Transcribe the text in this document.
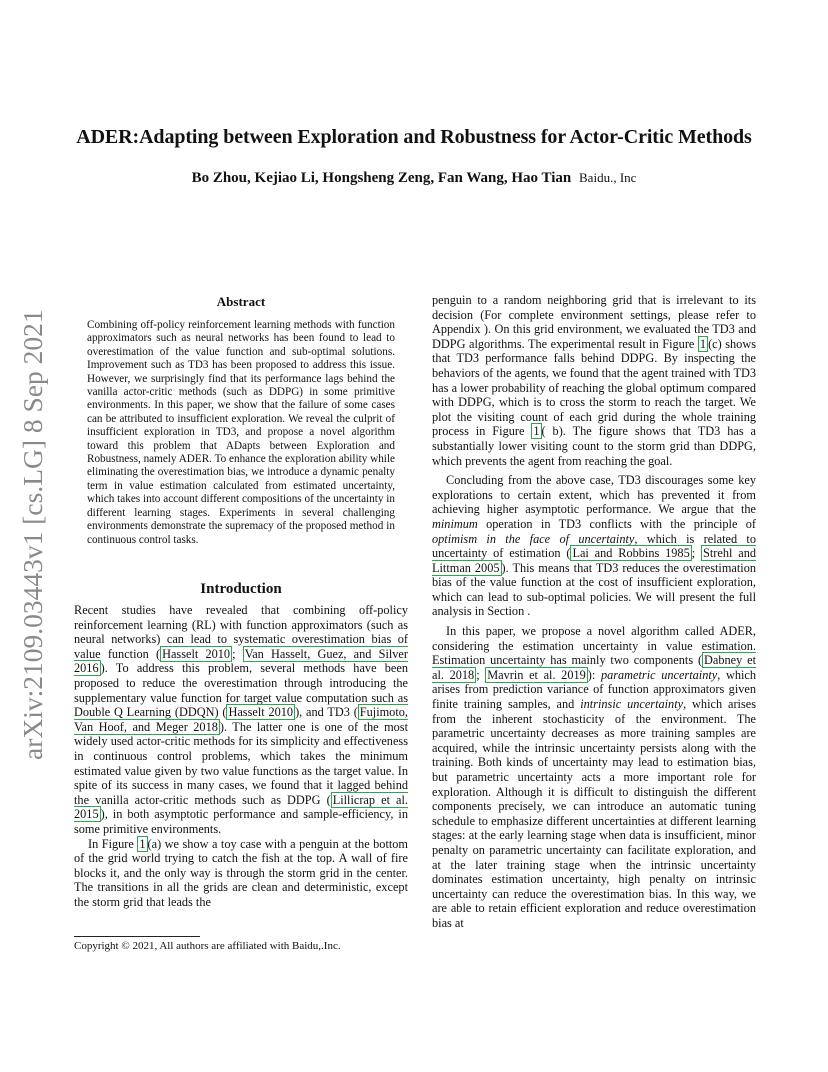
arXiv:2109.03443v1 [cs.LG] 8 Sep 2021
ADER:Adapting between Exploration and Robustness for Actor-Critic Methods
Bo Zhou, Kejiao Li, Hongsheng Zeng, Fan Wang, Hao Tian Baidu., Inc
Abstract
Combining off-policy reinforcement learning methods with function approximators such as neural networks has been found to lead to overestimation of the value function and sub-optimal solutions. Improvement such as TD3 has been proposed to address this issue. However, we surprisingly find that its performance lags behind the vanilla actor-critic methods (such as DDPG) in some primitive environments. In this paper, we show that the failure of some cases can be attributed to insufficient exploration. We reveal the culprit of insufficient exploration in TD3, and propose a novel algorithm toward this problem that ADapts between Exploration and Robustness, namely ADER. To enhance the exploration ability while eliminating the overestimation bias, we introduce a dynamic penalty term in value estimation calculated from estimated uncertainty, which takes into account different compositions of the uncertainty in different learning stages. Experiments in several challenging environments demonstrate the supremacy of the proposed method in continuous control tasks.
Introduction

Recent studies have revealed that combining off-policy reinforcement learning (RL) with function approximators (such as neural networks) can lead to systematic overestimation bias of value function ( Hasselt 2010 ; Van Hasselt, Guez, and Silver 2016 ). To address this problem, several methods have been proposed to reduce the overestimation through introducing the supplementary value function for target value computation such as Double Q Learning (DDQN) ( Hasselt 2010 ), and TD3 ( Fujimoto, Van Hoof, and Meger 2018 ). The latter one is one of the most widely used actor-critic methods for its simplicity and effectiveness in continuous control problems, which takes the minimum estimated value given by two value functions as the target value. In spite of its success in many cases, we found that it lagged behind the vanilla actor-critic methods such as DDPG ( Lillicrap et al. 2015 ), in both asymptotic performance and sample-efficiency, in some primitive environments.

In Figure 1 (a) we show a toy case with a penguin at the bottom of the grid world trying to catch the fish at the top. A wall of fire blocks it, and the only way is through the storm grid in the center. The transitions in all the grids are clean and deterministic, except the storm grid that leads the

penguin to a random neighboring grid that is irrelevant to its decision (For complete environment settings, please refer to Appendix ). On this grid environment, we evaluated the TD3 and DDPG algorithms. The experimental result in Figure 1 (c) shows that TD3 performance falls behind DDPG. By inspecting the behaviors of the agents, we found that the agent trained with TD3 has a lower probability of reaching the global optimum compared with DDPG, which is to cross the storm to reach the target. We plot the visiting count of each grid during the whole training process in Figure 1 ( b). The figure shows that TD3 has a substantially lower visiting count to the storm grid than DDPG, which prevents the agent from reaching the goal.

Concluding from the above case, TD3 discourages some key explorations to certain extent, which has prevented it from achieving higher asymptotic performance. We argue that the minimum operation in TD3 conflicts with the principle of optimism in the face of uncertainty, which is related to uncertainty of estimation ( Lai and Robbins 1985 ; Strehl and Littman 2005 ). This means that TD3 reduces the overestimation bias of the value function at the cost of insufficient exploration, which can lead to sub-optimal policies. We will present the full analysis in Section .

In this paper, we propose a novel algorithm called ADER, considering the estimation uncertainty in value estimation. Estimation uncertainty has mainly two components ( Dabney et al. 2018 ; Mavrin et al. 2019 ): parametric uncertainty, which arises from prediction variance of function approximators given finite training samples, and intrinsic uncertainty, which arises from the inherent stochasticity of the environment. The parametric uncertainty decreases as more training samples are acquired, while the intrinsic uncertainty persists along with the training. Both kinds of uncertainty may lead to estimation bias, but parametric uncertainty acts a more important role for exploration. Although it is difficult to distinguish the different components precisely, we can introduce an automatic tuning schedule to emphasize different uncertainties at different learning stages: at the early learning stage when data is insufficient, minor penalty on parametric uncertainty can facilitate exploration, and at the later training stage when the intrinsic uncertainty dominates estimation uncertainty, high penalty on intrinsic uncertainty can reduce the overestimation bias. In this way, we are able to retain efficient exploration and reduce overestimation bias at

Copyright © 2021, All authors are affiliated with Baidu,.Inc.
